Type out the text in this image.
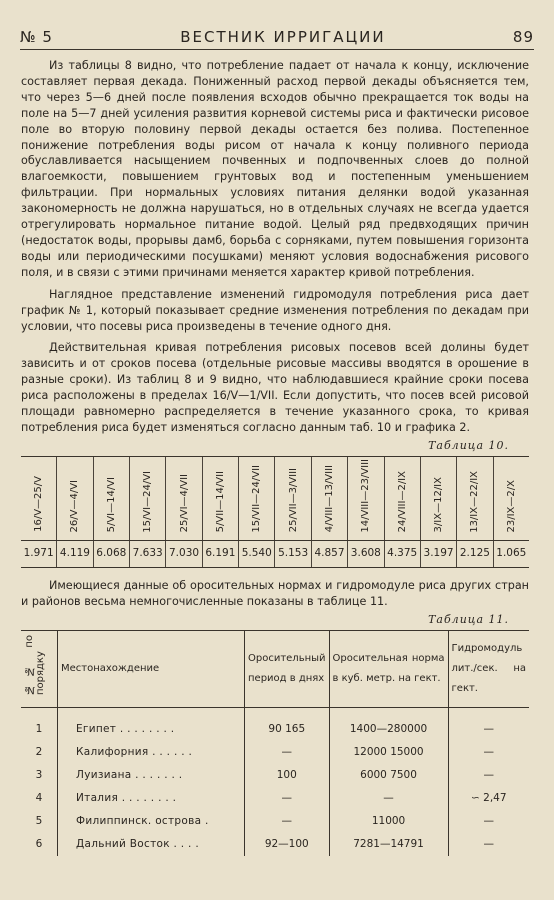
№ 5	ВЕСТНИК ИРРИГАЦИИ	89

Из таблицы 8 видно, что потребление падает от начала к концу, исключение составляет первая декада. Пониженный расход первой декады объясняется тем, что через 5—6 дней после появления всходов обычно прекращается ток воды на поле на 5—7 дней усиления развития корневой системы риса и фактически рисовое поле во вторую половину первой декады остается без полива. Постепенное понижение потребления воды рисом от начала к концу поливного периода обуславливается насыщением почвенных и подпочвенных слоев до полной влагоемкости, повышением грунтовых вод и постепенным уменьшением фильтрации. При нормальных условиях питания делянки водой указанная закономерность не должна нарушаться, но в отдельных случаях не всегда удается отрегулировать нормальное питание водой. Целый ряд предвходящих причин (недостаток воды, прорывы дамб, борьба с сорняками, путем повышения горизонта воды или периодическими посушками) меняют условия водоснабжения рисового поля, и в связи с этими причинами меняется характер кривой потребления.

Наглядное представление изменений гидромодуля потребления риса дает график № 1, который показывает средние изменения потребления по декадам при условии, что посевы риса произведены в течение одного дня.

Действительная кривая потребления рисовых посевов всей долины будет зависить и от сроков посева (отдельные рисовые массивы вводятся в орошение в разные сроки). Из таблиц 8 и 9 видно, что наблюдавшиеся крайние сроки посева риса расположены в пределах 16/V—1/VII. Если допустить, что посев всей рисовой площади равномерно распределяется в течение указанного срока, то кривая потребления риса будет изменяться согласно данным таб. 10 и графика 2.

Таблица 10.
16/V—25/V	26/V—4/VI	5/VI—14/VI	15/VI—24/VI	25/VI—4/VII	5/VII—14/VII	15/VII—24/VII	25/VII—3/VIII	4/VIII—13/VIII	14/VIII—23/VIII	24/VIII—2/IX	3/IX—12/IX	13/IX—22/IX	23/IX—2/X
1.971	4.119	6.068	7.633	7.030	6.191	5.540	5.153	4.857	3.608	4.375	3.197	2.125	1.065

Имеющиеся данные об оросительных нормах и гидромодуле риса других стран и районов весьма немногочисленные показаны в таблице 11.

Таблица 11.
№№ по порядку	Местонахождение	Оросительный период в днях	Оросительная норма в куб. метр. на гект.	Гидромодуль лит./сек. на гект.
1	Египет . . . . . . . .	90 165	1400—280000	—
2	Калифорния . . . . . .	—	12000 15000	—
3	Луизиана . . . . . . .	100	6000 7500	—
4	Италия . . . . . . . .	—	—	∽ 2,47
5	Филиппинск. острова .	—	11000	—
6	Дальний Восток . . . .	92—100	7281—14791	—
